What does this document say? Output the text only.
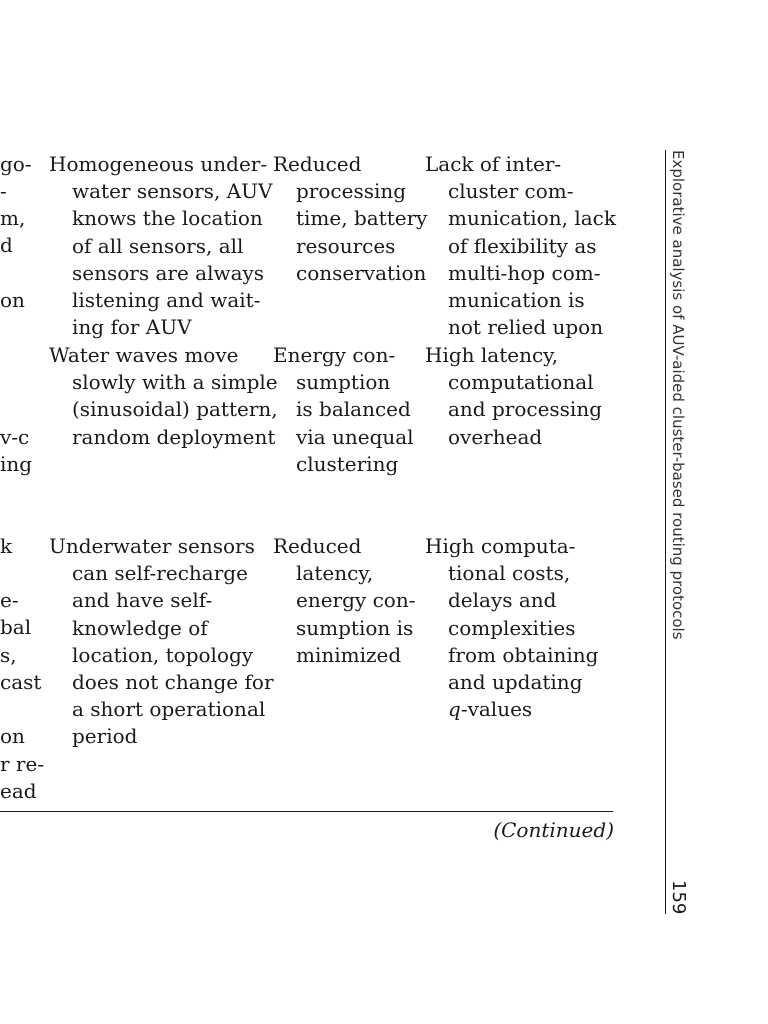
go-
-
m,
d
on
v-c
ing
k
e-
bal
s,
cast
on
r re-
ead
Homogeneous under-
water sensors, AUV
knows the location
of all sensors, all
sensors are always
listening and wait-
ing for AUV
Reduced
processing
time, battery
resources
conservation
Lack of inter-
cluster com-
munication, lack
of flexibility as
multi-hop com-
munication is
not relied upon
Water waves move
slowly with a simple
(sinusoidal) pattern,
random deployment
Energy con-
sumption
is balanced
via unequal
clustering
High latency,
computational
and processing
overhead
Underwater sensors
can self-recharge
and have self-
knowledge of
location, topology
does not change for
a short operational
period
Reduced
latency,
energy con-
sumption is
minimized
High computa-
tional costs,
delays and
complexities
from obtaining
and updating
q-values
(Continued)
Explorative analysis of AUV-aided cluster-based routing protocols
159
